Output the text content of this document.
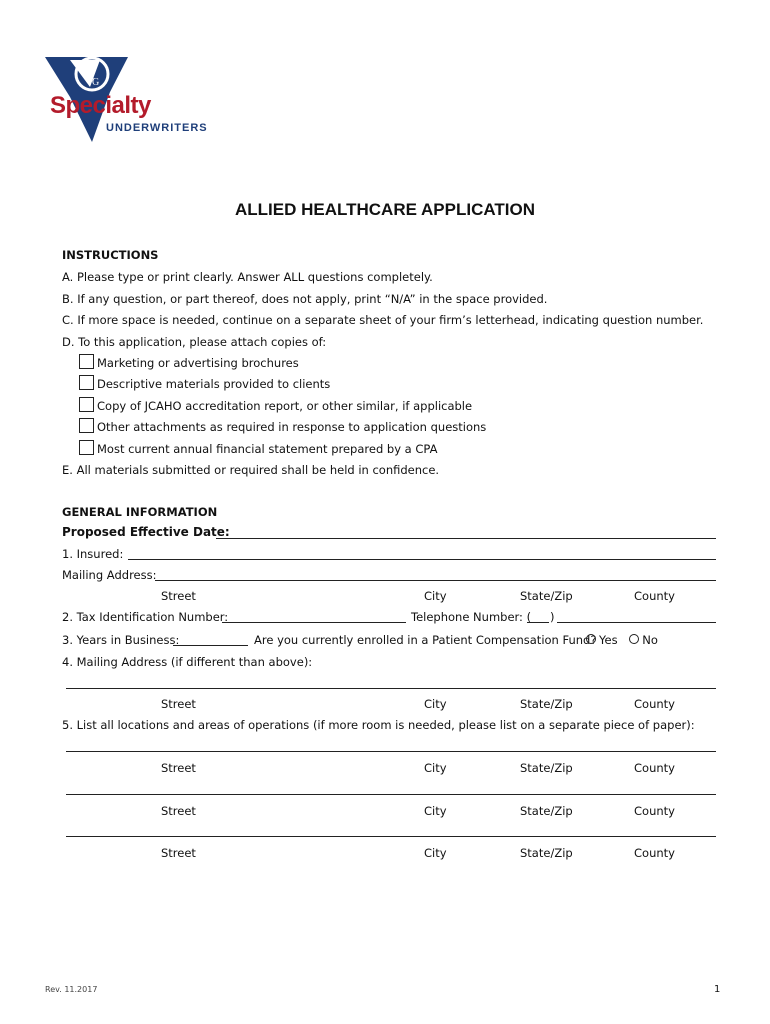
M
G
Specialty
UNDERWRITERS
ALLIED HEALTHCARE APPLICATION
INSTRUCTIONS
A. Please type or print clearly. Answer ALL questions completely.
B. If any question, or part thereof, does not apply, print “N/A” in the space provided.
C. If more space is needed, continue on a separate sheet of your firm’s letterhead, indicating question number.
D. To this application, please attach copies of:
Marketing or advertising brochures
Descriptive materials provided to clients
Copy of JCAHO accreditation report, or other similar, if applicable
Other attachments as required in response to application questions
Most current annual financial statement prepared by a CPA
E. All materials submitted or required shall be held in confidence.
GENERAL INFORMATION
Proposed Effective Date:
1. Insured:
Mailing Address:
Street	City	State/Zip	County
2. Tax Identification Number:	Telephone Number: ( )
3. Years in Business:	Are you currently enrolled in a Patient Compensation Fund? Yes No
4. Mailing Address (if different than above):
Street	City	State/Zip	County
5. List all locations and areas of operations (if more room is needed, please list on a separate piece of paper):
Street	City	State/Zip	County
Street	City	State/Zip	County
Street	City	State/Zip	County
Rev. 11.2017	1
